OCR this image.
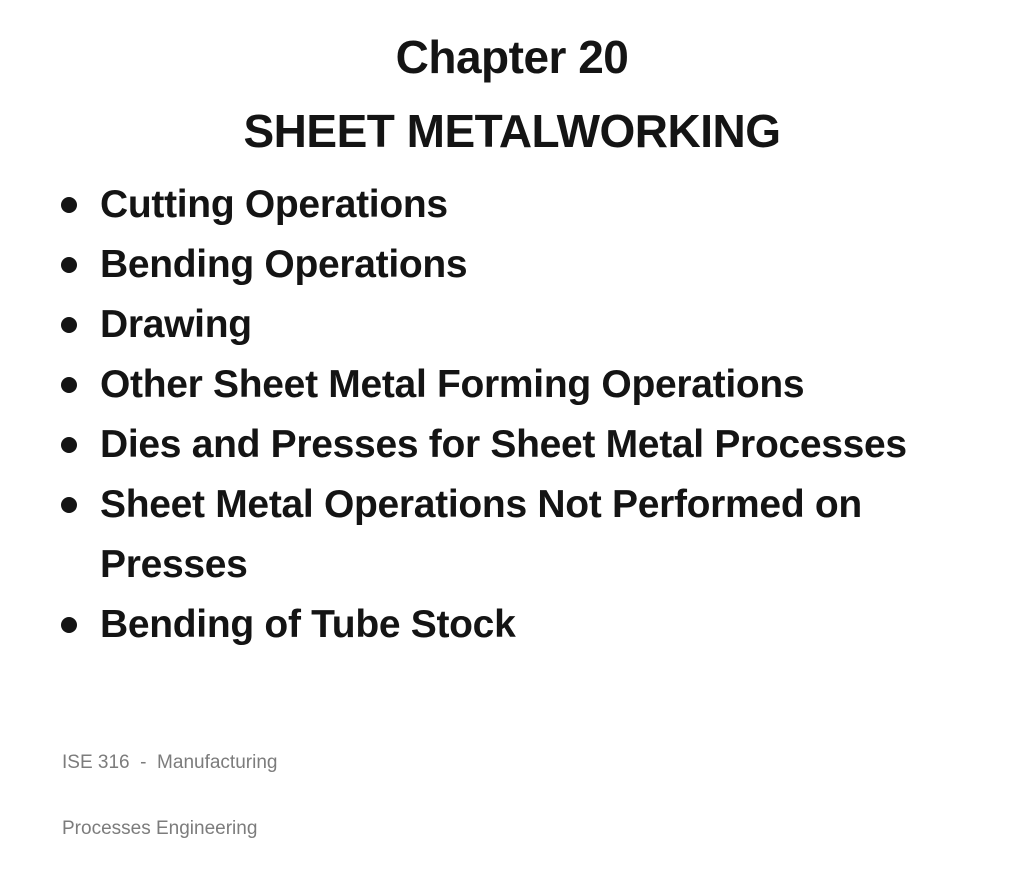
Chapter 20
SHEET METALWORKING
Cutting Operations
Bending Operations
Drawing
Other Sheet Metal Forming Operations
Dies and Presses for Sheet Metal Processes
Sheet Metal Operations Not Performed on
Presses
Bending of Tube Stock

ISE 316  -  Manufacturing

Processes Engineering
